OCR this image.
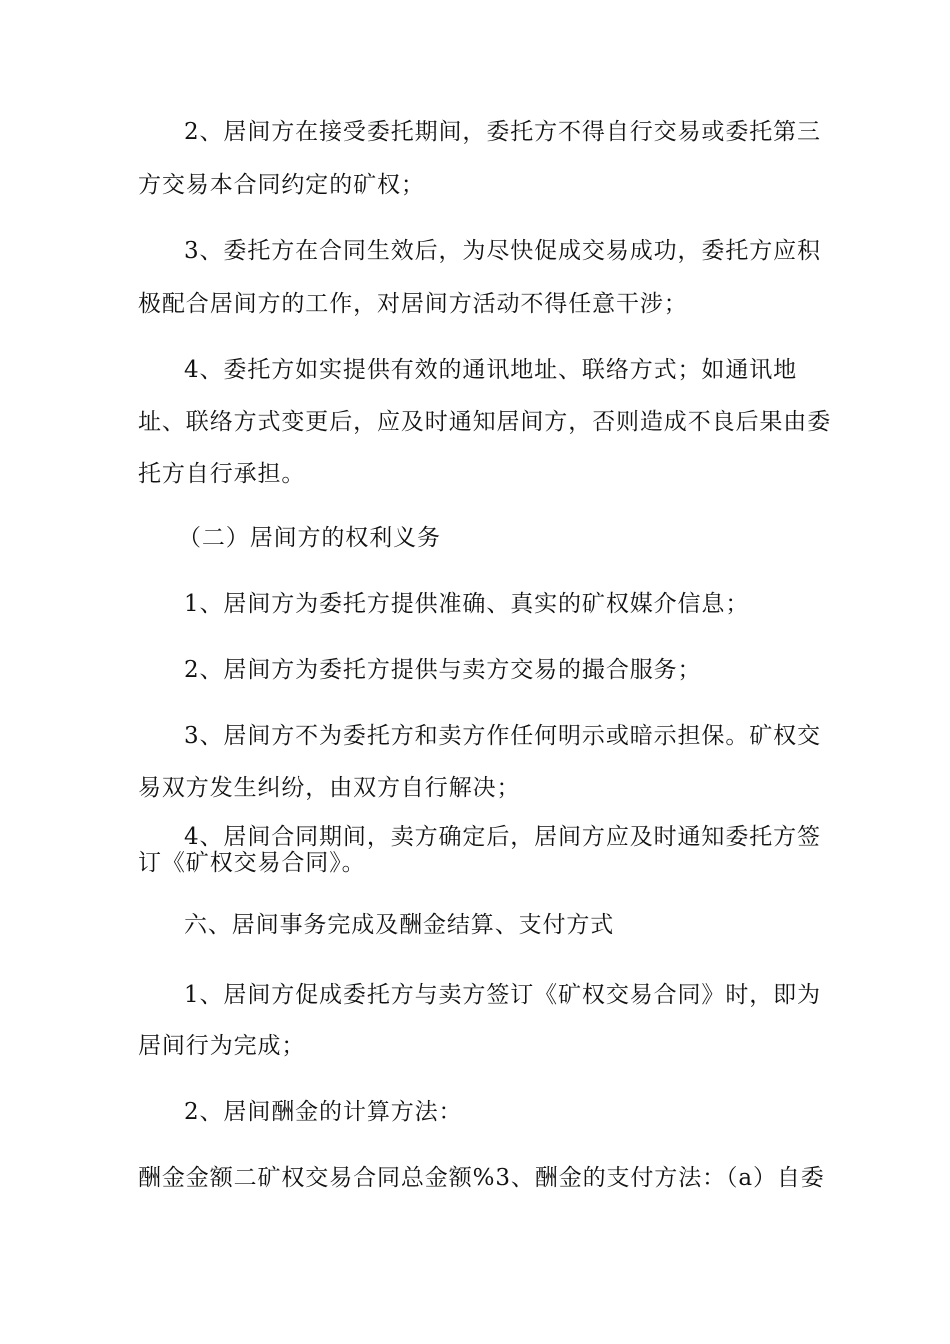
2、居间方在接受委托期间，委托方不得自行交易或委托第三
方交易本合同约定的矿权；
3、委托方在合同生效后，为尽快促成交易成功，委托方应积
极配合居间方的工作，对居间方活动不得任意干涉；
4、委托方如实提供有效的通讯地址、联络方式；如通讯地
址、联络方式变更后，应及时通知居间方，否则造成不良后果由委
托方自行承担。
（二）居间方的权利义务
1、居间方为委托方提供准确、真实的矿权媒介信息；
2、居间方为委托方提供与卖方交易的撮合服务；
3、居间方不为委托方和卖方作任何明示或暗示担保。矿权交
易双方发生纠纷，由双方自行解决；
4、居间合同期间，卖方确定后，居间方应及时通知委托方签
订《矿权交易合同》。
六、居间事务完成及酬金结算、支付方式
1、居间方促成委托方与卖方签订《矿权交易合同》时，即为
居间行为完成；
2、居间酬金的计算方法：
酬金金额二矿权交易合同总金额%3、酬金的支付方法：（a）自委
